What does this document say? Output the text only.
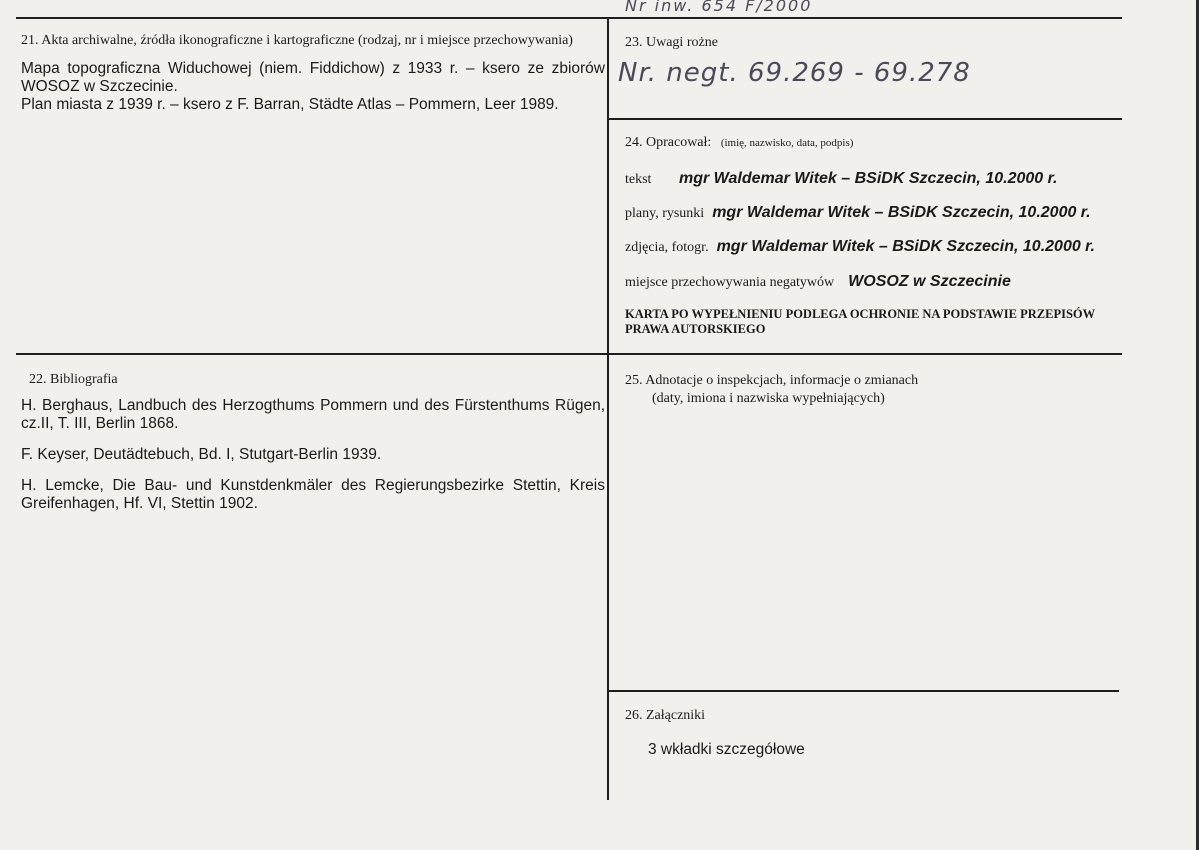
Nr inw. 654 F/2000
21. Akta archiwalne, źródła ikonograficzne i kartograficzne (rodzaj, nr i miejsce przechowywania)
Mapa topograficzna Widuchowej (niem. Fiddichow) z 1933 r. – ksero ze zbiorów WOSOZ w Szczecinie.
Plan miasta z 1939 r. – ksero z F. Barran, Städte Atlas – Pommern, Leer 1989.
22. Bibliografia

H. Berghaus, Landbuch des Herzogthums Pommern und des Fürstenthums Rügen, cz.II, T. III, Berlin 1868.

F. Keyser, Deutädtebuch, Bd. I, Stutgart-Berlin 1939.

H. Lemcke, Die Bau- und Kunstdenkmäler des Regierungsbezirke Stettin, Kreis Greifenhagen, Hf. VI, Stettin 1902.

23. Uwagi rożne
Nr. negt. 69.269 - 69.278
24. Opracował: (imię, nazwisko, data, podpis)
tekst mgr Waldemar Witek – BSiDK Szczecin, 10.2000 r.
plany, rysunki mgr Waldemar Witek – BSiDK Szczecin, 10.2000 r.
zdjęcia, fotogr. mgr Waldemar Witek – BSiDK Szczecin, 10.2000 r.
miejsce przechowywania negatywów WOSOZ w Szczecinie
KARTA PO WYPEŁNIENIU PODLEGA OCHRONIE NA PODSTAWIE PRZEPISÓW PRAWA AUTORSKIEGO
25. Adnotacje o inspekcjach, informacje o zmianach
(daty, imiona i nazwiska wypełniających)
26. Załączniki
3 wkładki szczegółowe
